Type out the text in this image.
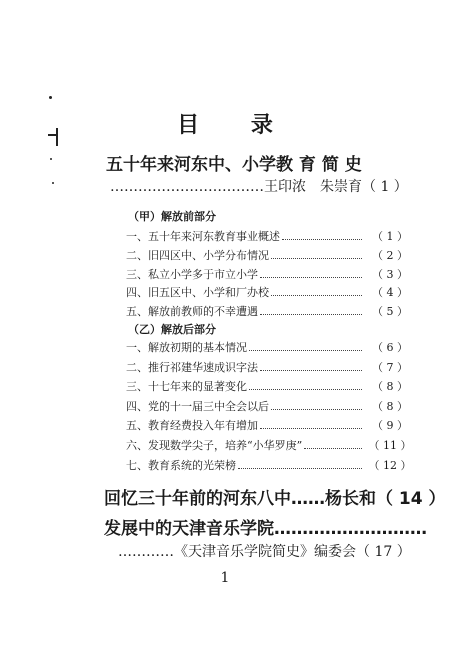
目 录
五十年来河东中、小学教 育 简 史
……………………………王印浓　朱崇育（ 1 ）
（甲）解放前部分
一、五十年来河东教育事业概述	（ 1 ）
二、旧四区中、小学分布情况	（ 2 ）
三、私立小学多于市立小学	（ 3 ）
四、旧五区中、小学和厂办校	（ 4 ）
五、解放前教师的不幸遭遇	（ 5 ）
（乙）解放后部分
一、解放初期的基本情况	（ 6 ）
二、推行祁建华速成识字法	（ 7 ）
三、十七年来的显著变化	（ 8 ）
四、党的十一届三中全会以后	（ 8 ）
五、教育经费投入年有增加	（ 9 ）
六、发现数学尖子，培养“小华罗庚”	（ 11 ）
七、教育系统的光荣榜	（ 12 ）
回忆三十年前的河东八中……杨长和（ 14 ）
发展中的天津音乐学院………………………
…………《天津音乐学院简史》编委会（ 17 ）
1
